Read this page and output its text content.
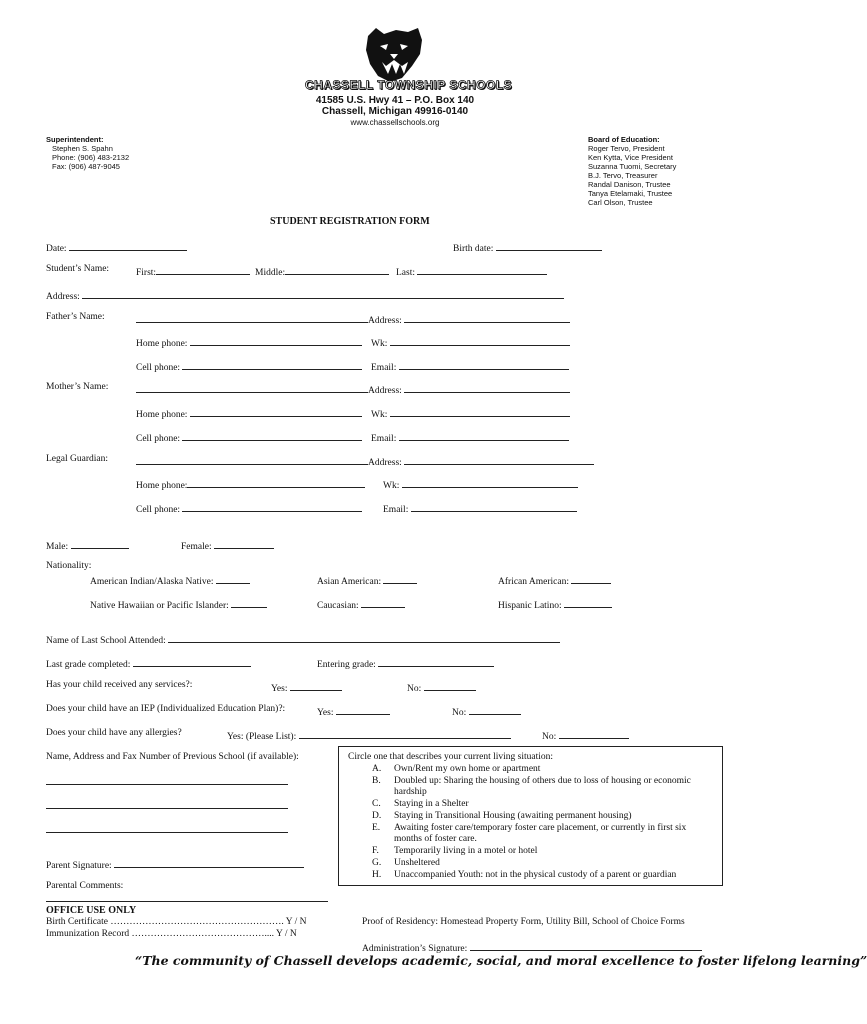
CHASSELL TOWNSHIP SCHOOLS
41585 U.S. Hwy 41 – P.O. Box 140
Chassell, Michigan 49916-0140
www.chassellschools.org
Superintendent:
Stephen S. Spahn
Phone: (906) 483-2132
Fax: (906) 487-9045
Board of Education:
Roger Tervo, President
Ken Kytta, Vice President
Suzanna Tuomi, Secretary
B.J. Tervo, Treasurer
Randal Danison, Trustee
Tanya Etelamaki, Trustee
Carl Olson, Trustee
STUDENT REGISTRATION FORM
Date:	Birth date:
Student’s Name:	First:	Middle:	Last:
Address:
Father’s Name:	Address:
Home phone:	Wk:
Cell phone:	Email:
Mother’s Name:	Address:
Home phone:	Wk:
Cell phone:	Email:
Legal Guardian:	Address:
Home phone:	Wk:
Cell phone:	Email:
Male:	Female:
Nationality:
American Indian/Alaska Native:	Asian American:	African American:
Native Hawaiian or Pacific Islander:	Caucasian:	Hispanic Latino:
Name of Last School Attended:
Last grade completed:	Entering grade:
Has your child received any services?:	Yes:	No:
Does your child have an IEP (Individualized Education Plan)?:	Yes:	No:
Does your child have any allergies?	Yes: (Please List):	No:
Name, Address and Fax Number of Previous School (if available):
Parent Signature:
Parental Comments:
Circle one that describes your current living situation:
A. Own/Rent my own home or apartment
B.	Doubled up: Sharing the housing of others due to loss of housing or economic
hardship
C.	Staying in a Shelter
D. Staying in Transitional Housing (awaiting permanent housing)
E.	Awaiting foster care/temporary foster care placement, or currently in first six
months of foster care.
F.	Temporarily living in a motel or hotel
G. Unsheltered
H. Unaccompanied Youth: not in the physical custody of a parent or guardian
OFFICE USE ONLY
Birth Certificate ………………………………………………. Y / N
Immunization Record …………………………………….... Y / N
Proof of Residency: Homestead Property Form, Utility Bill, School of Choice Forms
Administration’s Signature:
“The community of Chassell develops academic, social, and moral excellence to foster lifelong learning”
